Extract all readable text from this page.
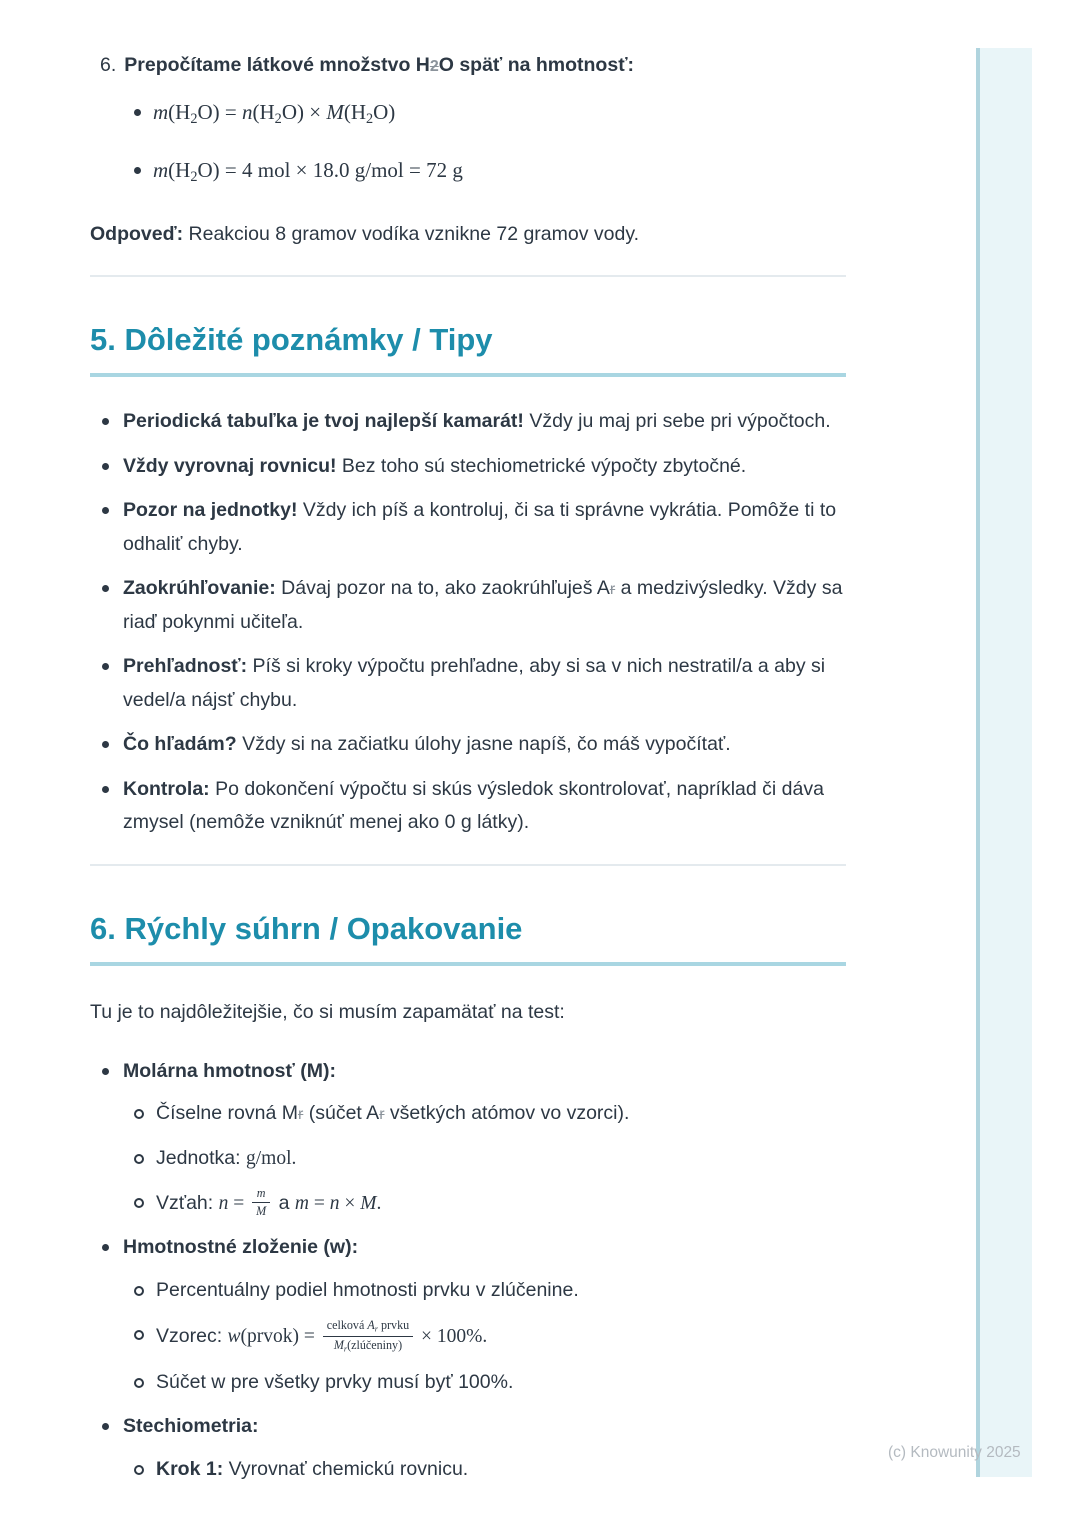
6. Prepočítame látkové množstvo H2O späť na hmotnosť:
m(H2O) = n(H2O) × M(H2O)
m(H2O) = 4 mol × 18.0 g/mol = 72 g

Odpoveď: Reakciou 8 gramov vodíka vznikne 72 gramov vody.

5. Dôležité poznámky / Tipy
Periodická tabuľka je tvoj najlepší kamarát! Vždy ju maj pri sebe pri výpočtoch.
Vždy vyrovnaj rovnicu! Bez toho sú stechiometrické výpočty zbytočné.
Pozor na jednotky! Vždy ich píš a kontroluj, či sa ti správne vykrátia. Pomôže ti to odhaliť chyby.
Zaokrúhľovanie: Dávaj pozor na to, ako zaokrúhľuješ Ar a medzivýsledky. Vždy sa riaď pokynmi učiteľa.
Prehľadnosť: Píš si kroky výpočtu prehľadne, aby si sa v nich nestratil/a a aby si vedel/a nájsť chybu.
Čo hľadám? Vždy si na začiatku úlohy jasne napíš, čo máš vypočítať.
Kontrola: Po dokončení výpočtu si skús výsledok skontrolovať, napríklad či dáva zmysel (nemôže vzniknúť menej ako 0 g látky).
6. Rýchly súhrn / Opakovanie

Tu je to najdôležitejšie, čo si musím zapamätať na test:

Molárna hmotnosť (M):
Číselne rovná Mr (súčet Ar všetkých atómov vo vzorci).
Jednotka: g/mol.
Vzťah: $n = \frac{m}{M}$ a m = n × M.
Hmotnostné zloženie (w):
Percentuálny podiel hmotnosti prvku v zlúčenine.
Vzorec: w(prvok) = $\frac{\text{celková Ar prvku}}{\text{Mr(zlúčeniny)}} \times 100\%$.
Súčet w pre všetky prvky musí byť 100%.
Stechiometria:
Krok 1: Vyrovnať chemickú rovnicu.
(c) Knowunity 2025
